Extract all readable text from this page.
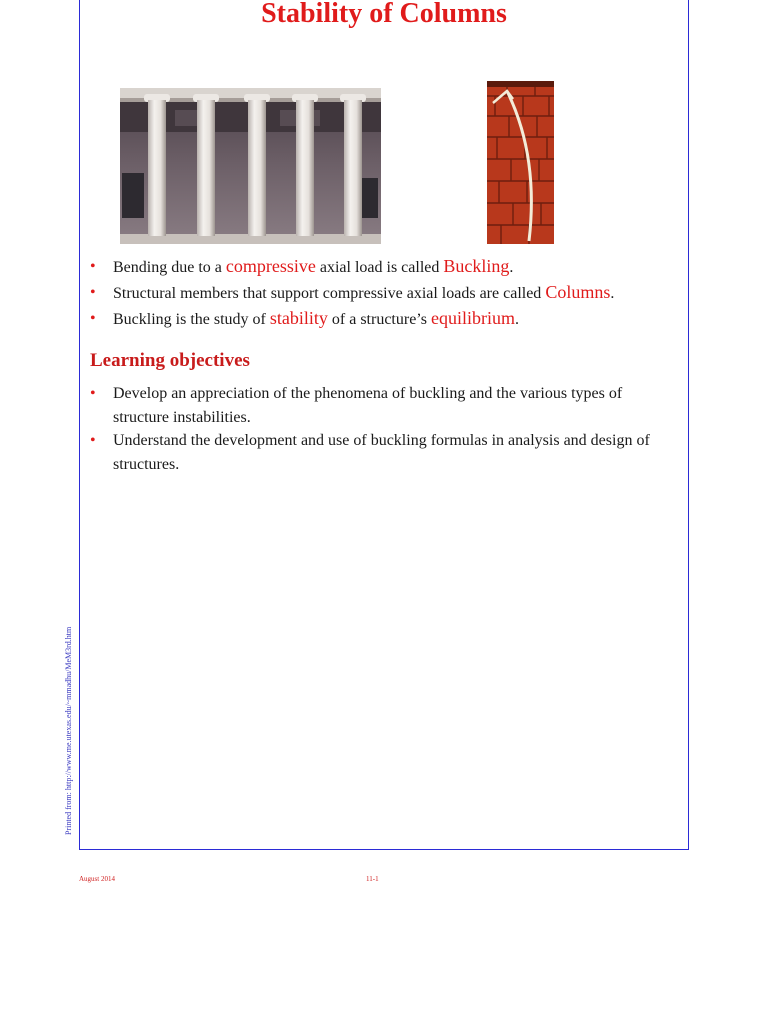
Stability of Columns
• Bending due to a compressive axial load is called Buckling.
• Structural members that support compressive axial loads are called Columns.
• Buckling is the study of stability of a structure’s equilibrium.
Learning objectives
• Develop an appreciation of the phenomena of buckling and the various types of structure instabilities.
• Understand the development and use of buckling formulas in analysis and design of structures.
Printed from: http://www.me.utexas.edu/~mmadhu/MeM3rd.htm
August 2014	11-1
